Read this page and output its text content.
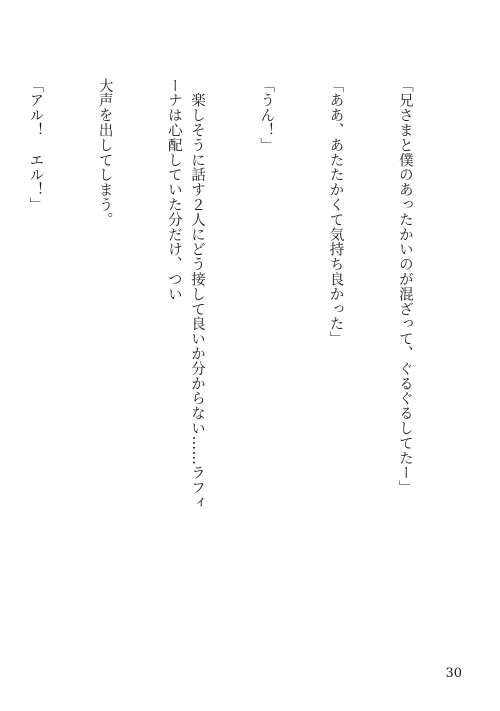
「兄さまと僕のあったかいのが混ざって、ぐるぐるしてたー」

「ああ、あたたかくて気持ち良かった」

「うん！」

　楽しそうに話す２人にどう接して良いか分からない……ラフィーナは心配していた分だけ、つい

大声を出してしまう。

「アル！　エル！」

30
